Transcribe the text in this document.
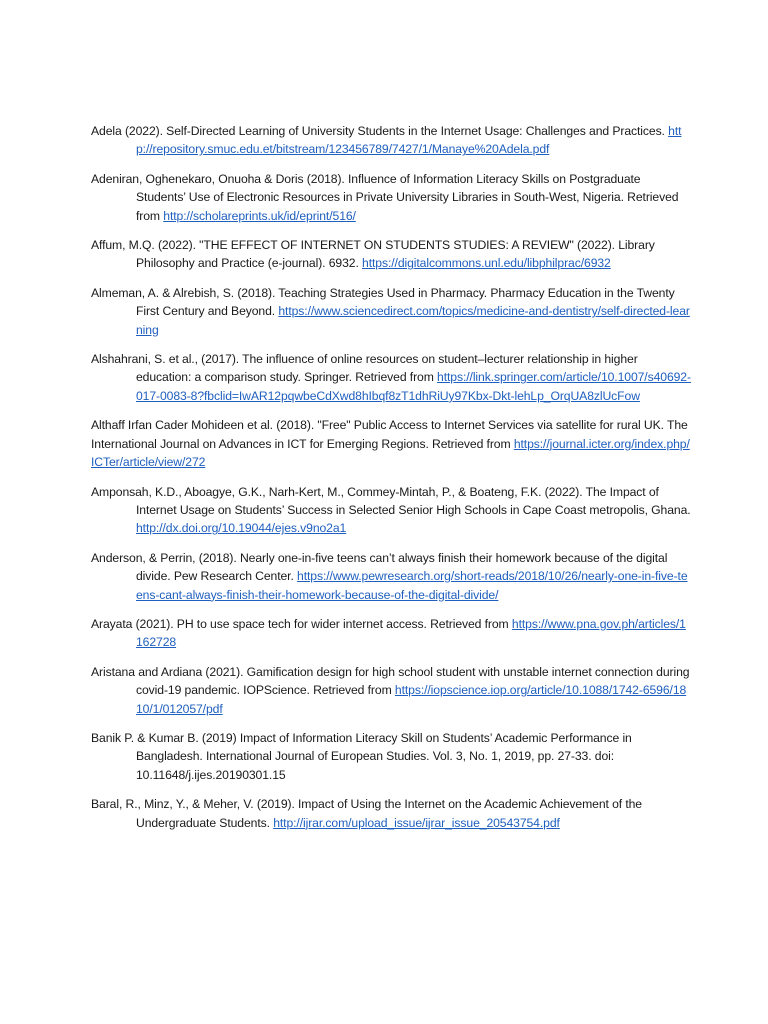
Adela (2022). Self-Directed Learning of University Students in the Internet Usage: Challenges and Practices. http://repository.smuc.edu.et/bitstream/123456789/7427/1/Manaye%20Adela.pdf

Adeniran, Oghenekaro, Onuoha & Doris (2018). Influence of Information Literacy Skills on Postgraduate Students’ Use of Electronic Resources in Private University Libraries in South-West, Nigeria. Retrieved from http://scholareprints.uk/id/eprint/516/

Affum, M.Q. (2022). "THE EFFECT OF INTERNET ON STUDENTS STUDIES: A REVIEW" (2022). Library Philosophy and Practice (e-journal). 6932. https://digitalcommons.unl.edu/libphilprac/6932

Almeman, A. & Alrebish, S. (2018). Teaching Strategies Used in Pharmacy. Pharmacy Education in the Twenty First Century and Beyond. https://www.sciencedirect.com/topics/medicine-and-dentistry/self-directed-learning

Alshahrani, S. et al., (2017). The influence of online resources on student–lecturer relationship in higher education: a comparison study. Springer. Retrieved from https://link.springer.com/article/10.1007/s40692-017-0083-8?fbclid=IwAR12pqwbeCdXwd8hIbqf8zT1dhRiUy97Kbx-Dkt-lehLp_OrqUA8zlUcFow

Althaff Irfan Cader Mohideen et al. (2018). "Free" Public Access to Internet Services via satellite for rural UK. The International Journal on Advances in ICT for Emerging Regions. Retrieved from https://journal.icter.org/index.php/ICTer/article/view/272

Amponsah, K.D., Aboagye, G.K., Narh-Kert, M., Commey-Mintah, P., & Boateng, F.K. (2022). The Impact of Internet Usage on Students’ Success in Selected Senior High Schools in Cape Coast metropolis, Ghana. http://dx.doi.org/10.19044/ejes.v9no2a1

Anderson, & Perrin, (2018). Nearly one-in-five teens can’t always finish their homework because of the digital divide. Pew Research Center. https://www.pewresearch.org/short-reads/2018/10/26/nearly-one-in-five-teens-cant-always-finish-their-homework-because-of-the-digital-divide/

Arayata (2021). PH to use space tech for wider internet access. Retrieved from https://www.pna.gov.ph/articles/1162728

Aristana and Ardiana (2021). Gamification design for high school student with unstable internet connection during covid-19 pandemic. IOPScience. Retrieved from https://iopscience.iop.org/article/10.1088/1742-6596/1810/1/012057/pdf

Banik P. & Kumar B. (2019) Impact of Information Literacy Skill on Students’ Academic Performance in Bangladesh. International Journal of European Studies. Vol. 3, No. 1, 2019, pp. 27-33. doi: 10.11648/j.ijes.20190301.15

Baral, R., Minz, Y., & Meher, V. (2019). Impact of Using the Internet on the Academic Achievement of the Undergraduate Students. http://ijrar.com/upload_issue/ijrar_issue_20543754.pdf
